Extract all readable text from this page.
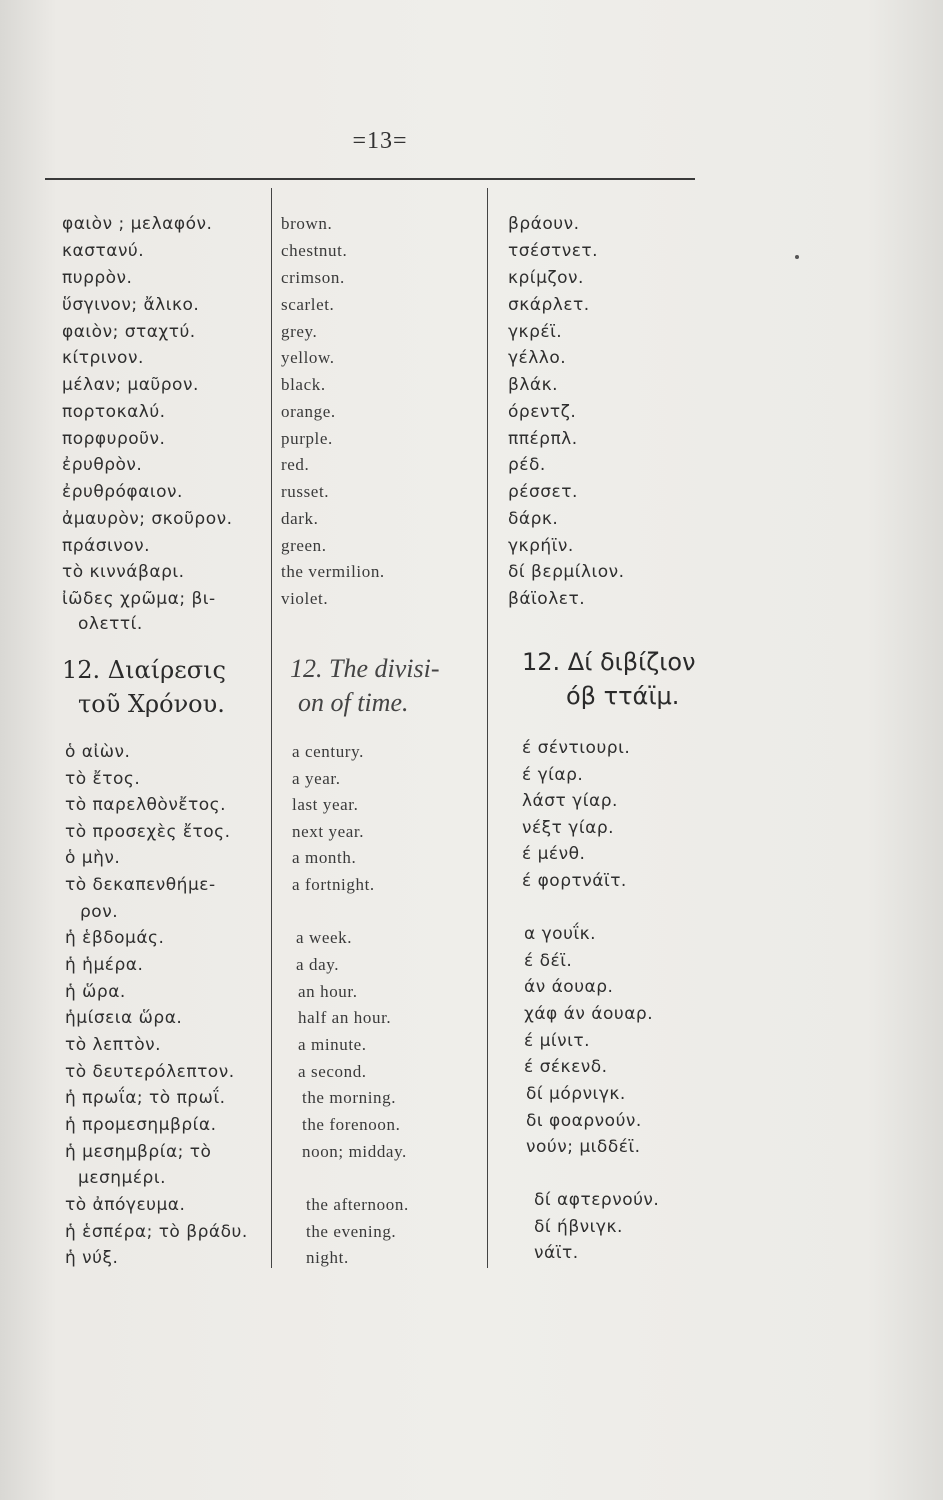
=13=
φαιὸν ; μελαφόν.
καστανύ.
πυρρὸν.
ὕσγινον; ἄλικο.
φαιὸν; σταχτύ.
κίτρινον.
μέλαν; μαῦρον.
πορτοκαλύ.
πορφυροῦν.
ἐρυθρὸν.
ἐρυθρόφαιον.
ἀμαυρὸν; σκοῦρον.
πράσινον.
τὸ κιννάβαρι.
ἰῶδες χρῶμα; βι-
ολεττί.
12. Διαίρεσις
τοῦ Χρόνου.
ὁ αἰὼν.
τὸ ἔτος.
τὸ παρελθὸνἔτος.
τὸ προσεχὲς ἔτος.
ὁ μὴν.
τὸ δεκαπενθήμε-
ρον.
ἡ ἑβδομάς.
ἡ ἡμέρα.
ἡ ὥρα.
ἡμίσεια ὥρα.
τὸ λεπτὸν.
τὸ δευτερόλεπτον.
ἡ πρωΐα; τὸ πρωΐ.
ἡ προμεσημβρία.
ἡ μεσημβρία; τὸ
μεσημέρι.
τὸ ἀπόγευμα.
ἡ ἑσπέρα; τὸ βράδυ.
ἡ νύξ.
brown.
chestnut.
crimson.
scarlet.
grey.
yellow.
black.
orange.
purple.
red.
russet.
dark.
green.
the vermilion.
violet.
12. The divisi-
on of time.
a century.
a year.
last year.
next year.
a month.
a fortnight.
a week.
a day.
an hour.
half an hour.
a minute.
a second.
the morning.
the forenoon.
noon; midday.
the afternoon.
the evening.
night.
βράουν.
τσέστνετ.
κρίμζον.
σκάρλετ.
γκρέϊ.
γέλλο.
βλάκ.
όρεντζ.
ππέρπλ.
ρέδ.
ρέσσετ.
δάρκ.
γκρήϊν.
δί βερμίλιον.
βάϊολετ.
12. Δί διβίζιον
όβ ττάϊμ.
έ σέντιουρι.
έ γίαρ.
λάστ γίαρ.
νέξτ γίαρ.
έ μένθ.
έ φορτνάϊτ.
α γουΐκ.
έ δέϊ.
άν άουαρ.
χάφ άν άουαρ.
έ μίνιτ.
έ σέκενδ.
δί μόρνιγκ.
δι φοαρνούν.
νούν; μιδδέϊ.
δί αφτερνούν.
δί ήβνιγκ.
νάϊτ.
